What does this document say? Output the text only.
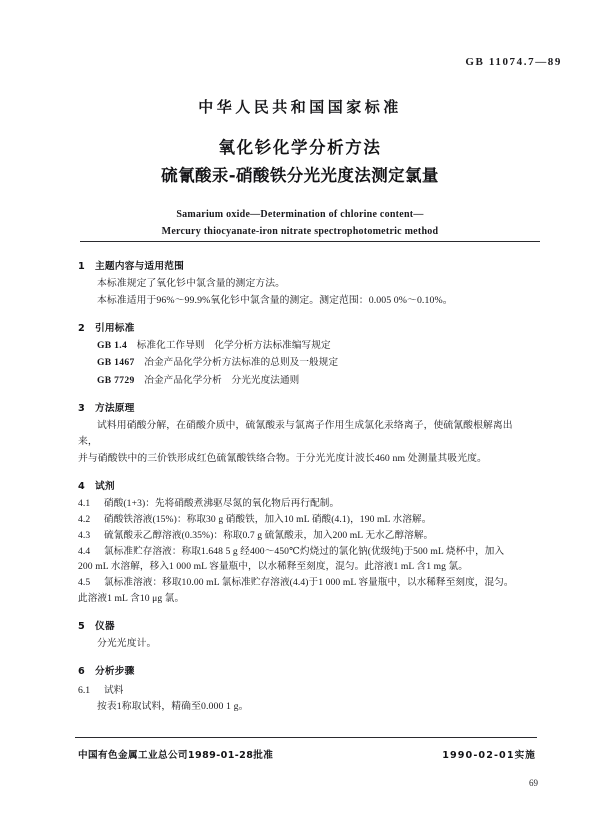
中华人民共和国国家标准
氧化钐化学分析方法
硫氰酸汞-硝酸铁分光光度法测定氯量
Samarium oxide—Determination of chlorine content—
Mercury thiocyanate-iron nitrate spectrophotometric method
GB 11074.7—89
1 主题内容与适用范围

本标准规定了氧化钐中氯含量的测定方法。

本标准适用于96%～99.9%氧化钐中氯含量的测定。测定范围：0.005 0%～0.10%。

2 引用标准

GB 1.4　 标准化工作导则　化学分析方法标准编写规定

GB 1467　 冶金产品化学分析方法标准的总则及一般规定

GB 7729　 冶金产品化学分析　分光光度法通则

3 方法原理

试料用硝酸分解，在硝酸介质中，硫氰酸汞与氯离子作用生成氯化汞络离子，使硫氰酸根解离出来，

并与硝酸铁中的三价铁形成红色硫氰酸铁络合物。于分光光度计波长460 nm 处测量其吸光度。

4 试剂

4.1 硝酸(1+3)：先将硝酸煮沸驱尽氮的氧化物后再行配制。

4.2 硝酸铁溶液(15%)：称取30 g 硝酸铁，加入10 mL 硝酸(4.1)，190 mL 水溶解。

4.3 硫氰酸汞乙醇溶液(0.35%)：称取0.7 g 硫氰酸汞，加入200 mL 无水乙醇溶解。

4.4 氯标准贮存溶液：称取1.648 5 g 经400～450℃灼烧过的氯化钠(优级纯)于500 mL 烧杯中，加入

200 mL 水溶解，移入1 000 mL 容量瓶中，以水稀释至刻度，混匀。此溶液1 mL 含1 mg 氯。

4.5 氯标准溶液：移取10.00 mL 氯标准贮存溶液(4.4)于1 000 mL 容量瓶中，以水稀释至刻度，混匀。

此溶液1 mL 含10 μg 氯。

5 仪器

分光光度计。

6 分析步骤

6.1 试料

按表1称取试料，精确至0.000 1 g。

中国有色金属工业总公司1989-01-28批准	1990-02-01实施
69
